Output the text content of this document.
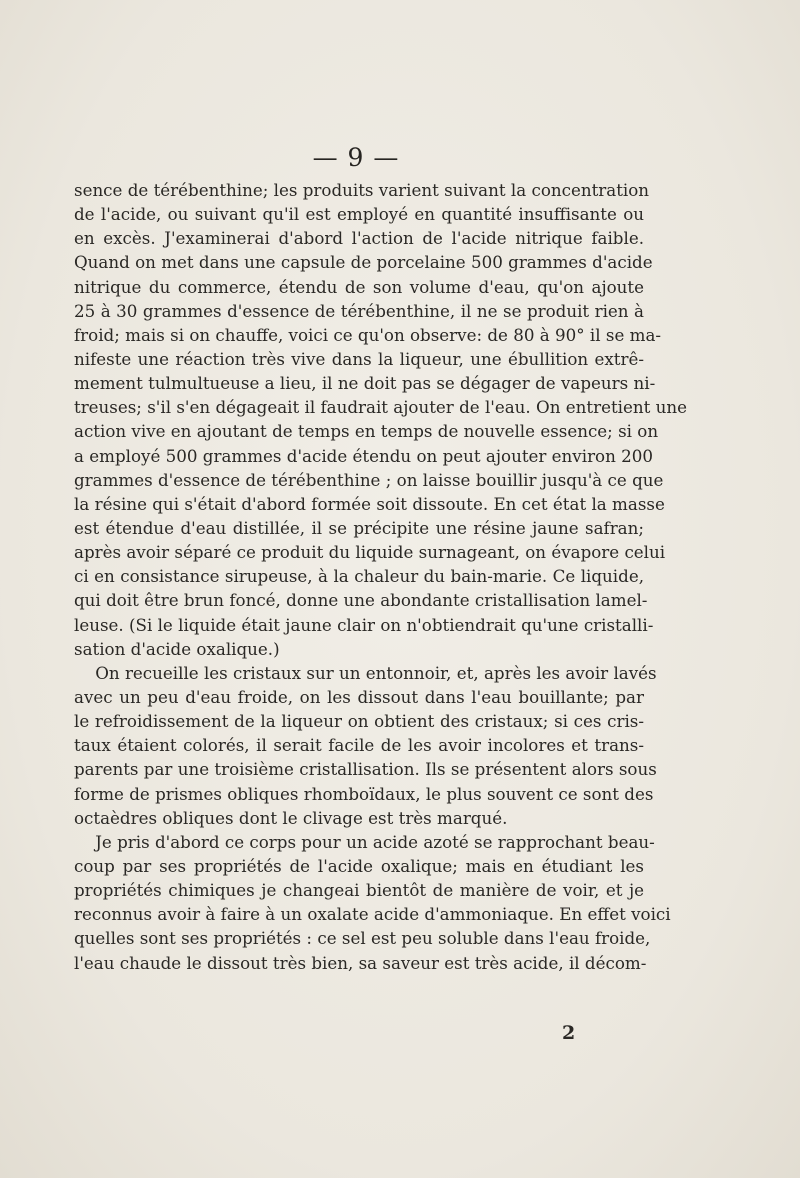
— 9 —
sence de térébenthine; les produits varient suivant la concentration
de l'acide, ou suivant qu'il est employé en quantité insuffisante ou
en excès. J'examinerai d'abord l'action de l'acide nitrique faible.
Quand on met dans une capsule de porcelaine 500 grammes d'acide
nitrique du commerce, étendu de son volume d'eau, qu'on ajoute
25 à 30 grammes d'essence de térébenthine, il ne se produit rien à
froid; mais si on chauffe, voici ce qu'on observe: de 80 à 90° il se ma-
nifeste une réaction très vive dans la liqueur, une ébullition extrê-
mement tulmultueuse a lieu, il ne doit pas se dégager de vapeurs ni-
treuses; s'il s'en dégageait il faudrait ajouter de l'eau. On entretient une
action vive en ajoutant de temps en temps de nouvelle essence; si on
a employé 500 grammes d'acide étendu on peut ajouter environ 200
grammes d'essence de térébenthine ; on laisse bouillir jusqu'à ce que
la résine qui s'était d'abord formée soit dissoute. En cet état la masse
est étendue d'eau distillée, il se précipite une résine jaune safran;
après avoir séparé ce produit du liquide surnageant, on évapore celui
ci en consistance sirupeuse, à la chaleur du bain-marie. Ce liquide,
qui doit être brun foncé, donne une abondante cristallisation lamel-
leuse. (Si le liquide était jaune clair on n'obtiendrait qu'une cristalli-
sation d'acide oxalique.)
On recueille les cristaux sur un entonnoir, et, après les avoir lavés
avec un peu d'eau froide, on les dissout dans l'eau bouillante; par
le refroidissement de la liqueur on obtient des cristaux; si ces cris-
taux étaient colorés, il serait facile de les avoir incolores et trans-
parents par une troisième cristallisation. Ils se présentent alors sous
forme de prismes obliques rhomboïdaux, le plus souvent ce sont des
octaèdres obliques dont le clivage est très marqué.
Je pris d'abord ce corps pour un acide azoté se rapprochant beau-
coup par ses propriétés de l'acide oxalique; mais en étudiant les
propriétés chimiques je changeai bientôt de manière de voir, et je
reconnus avoir à faire à un oxalate acide d'ammoniaque. En effet voici
quelles sont ses propriétés : ce sel est peu soluble dans l'eau froide,
l'eau chaude le dissout très bien, sa saveur est très acide, il décom-
2
